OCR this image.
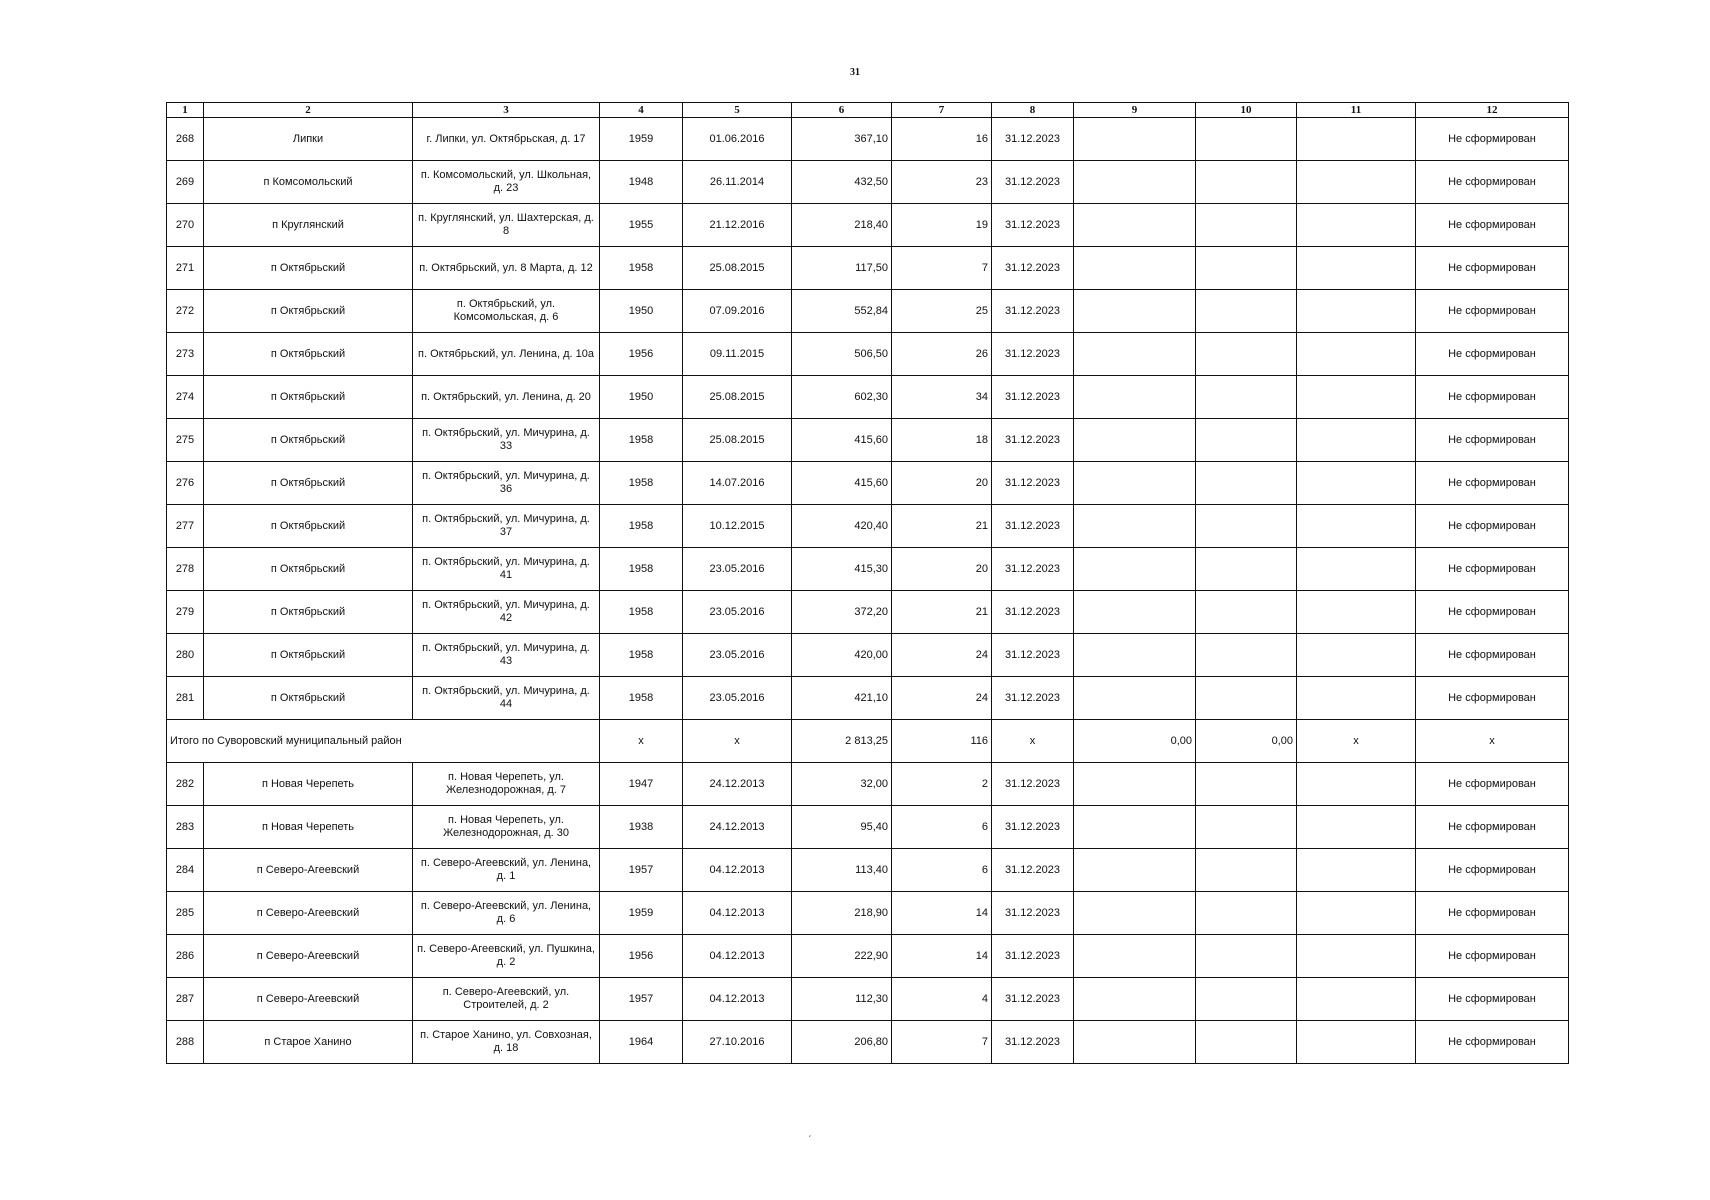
31
1	2	3	4	5	6	7	8	9	10	11	12
268	Липки	г. Липки, ул. Октябрьская, д. 17	1959	01.06.2016	367,10	16	31.12.2023				Не сформирован
269	п Комсомольский	п. Комсомольский, ул. Школьная, д. 23	1948	26.11.2014	432,50	23	31.12.2023				Не сформирован
270	п Круглянский	п. Круглянский, ул. Шахтерская, д. 8	1955	21.12.2016	218,40	19	31.12.2023				Не сформирован
271	п Октябрьский	п. Октябрьский, ул. 8 Марта, д. 12	1958	25.08.2015	117,50	7	31.12.2023				Не сформирован
272	п Октябрьский	п. Октябрьский, ул. Комсомольская, д. 6	1950	07.09.2016	552,84	25	31.12.2023				Не сформирован
273	п Октябрьский	п. Октябрьский, ул. Ленина, д. 10а	1956	09.11.2015	506,50	26	31.12.2023				Не сформирован
274	п Октябрьский	п. Октябрьский, ул. Ленина, д. 20	1950	25.08.2015	602,30	34	31.12.2023				Не сформирован
275	п Октябрьский	п. Октябрьский, ул. Мичурина, д. 33	1958	25.08.2015	415,60	18	31.12.2023				Не сформирован
276	п Октябрьский	п. Октябрьский, ул. Мичурина, д. 36	1958	14.07.2016	415,60	20	31.12.2023				Не сформирован
277	п Октябрьский	п. Октябрьский, ул. Мичурина, д. 37	1958	10.12.2015	420,40	21	31.12.2023				Не сформирован
278	п Октябрьский	п. Октябрьский, ул. Мичурина, д. 41	1958	23.05.2016	415,30	20	31.12.2023				Не сформирован
279	п Октябрьский	п. Октябрьский, ул. Мичурина, д. 42	1958	23.05.2016	372,20	21	31.12.2023				Не сформирован
280	п Октябрьский	п. Октябрьский, ул. Мичурина, д. 43	1958	23.05.2016	420,00	24	31.12.2023				Не сформирован
281	п Октябрьский	п. Октябрьский, ул. Мичурина, д. 44	1958	23.05.2016	421,10	24	31.12.2023				Не сформирован
Итого по Суворовский муниципальный район			х	х	2 813,25	116	х	0,00	0,00	х	х
282	п Новая Черепеть	п. Новая Черепеть, ул. Железнодорожная, д. 7	1947	24.12.2013	32,00	2	31.12.2023				Не сформирован
283	п Новая Черепеть	п. Новая Черепеть, ул. Железнодорожная, д. 30	1938	24.12.2013	95,40	6	31.12.2023				Не сформирован
284	п Северо-Агеевский	п. Северо-Агеевский, ул. Ленина, д. 1	1957	04.12.2013	113,40	6	31.12.2023				Не сформирован
285	п Северо-Агеевский	п. Северо-Агеевский, ул. Ленина, д. 6	1959	04.12.2013	218,90	14	31.12.2023				Не сформирован
286	п Северо-Агеевский	п. Северо-Агеевский, ул. Пушкина, д. 2	1956	04.12.2013	222,90	14	31.12.2023				Не сформирован
287	п Северо-Агеевский	п. Северо-Агеевский, ул. Строителей, д. 2	1957	04.12.2013	112,30	4	31.12.2023				Не сформирован
288	п Старое Ханино	п. Старое Ханино, ул. Совхозная, д. 18	1964	27.10.2016	206,80	7	31.12.2023				Не сформирован
ˏ
